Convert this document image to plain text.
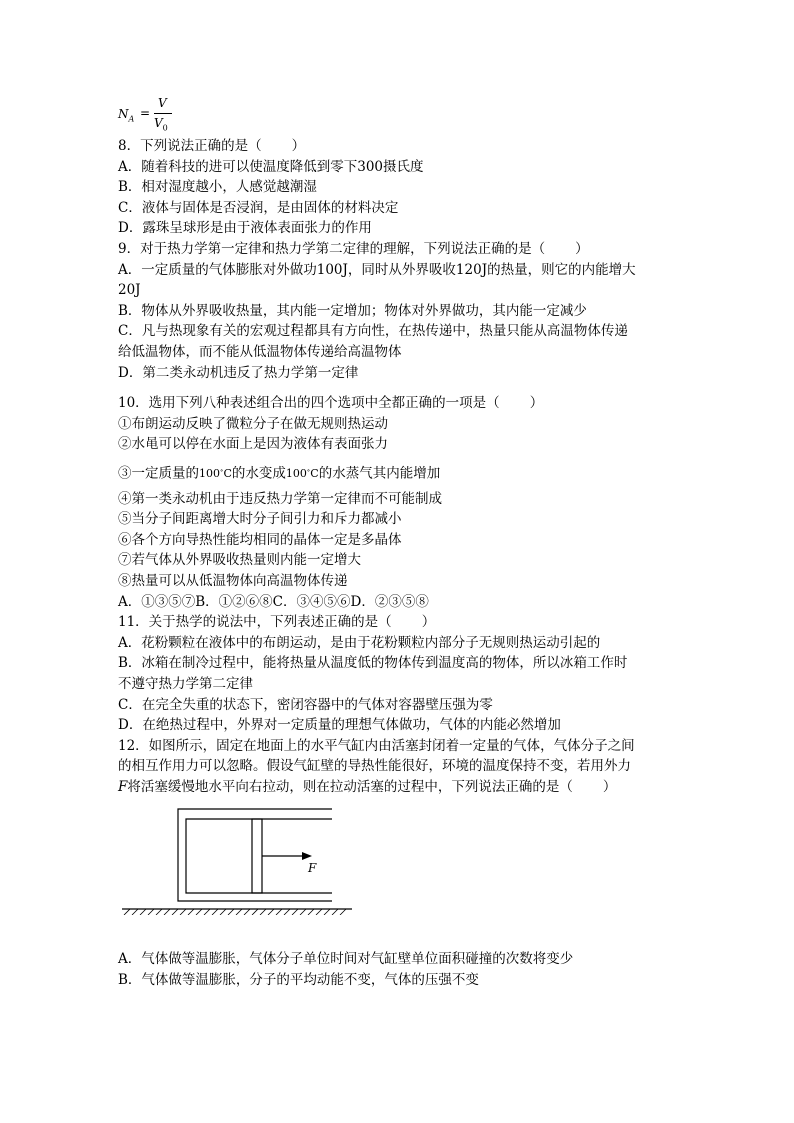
$N_A$ =
V
$V_0$
8．下列说法正确的是（ ）
A．随着科技的进可以使温度降低到零下300摄氏度
B．相对湿度越小，人感觉越潮湿
C．液体与固体是否浸润，是由固体的材料决定
D．露珠呈球形是由于液体表面张力的作用
9．对于热力学第一定律和热力学第二定律的理解，下列说法正确的是（ ）
A．一定质量的气体膨胀对外做功100J，同时从外界吸收120J的热量，则它的内能增大
20J
B．物体从外界吸收热量，其内能一定增加；物体对外界做功，其内能一定减少
C．凡与热现象有关的宏观过程都具有方向性，在热传递中，热量只能从高温物体传递
给低温物体，而不能从低温物体传递给高温物体
D．第二类永动机违反了热力学第一定律
10．选用下列八种表述组合出的四个选项中全都正确的一项是（ ）
①布朗运动反映了微粒分子在做无规则热运动
②水黾可以停在水面上是因为液体有表面张力
③一定质量的100∘C的水变成100∘C的水蒸气其内能增加
④第一类永动机由于违反热力学第一定律而不可能制成
⑤当分子间距离增大时分子间引力和斥力都减小
⑥各个方向导热性能均相同的晶体一定是多晶体
⑦若气体从外界吸收热量则内能一定增大
⑧热量可以从低温物体向高温物体传递
A．①③⑤⑦B．①②⑥⑧C．③④⑤⑥D．②③⑤⑧
11．关于热学的说法中，下列表述正确的是（ ）
A．花粉颗粒在液体中的布朗运动，是由于花粉颗粒内部分子无规则热运动引起的
B．冰箱在制冷过程中，能将热量从温度低的物体传到温度高的物体，所以冰箱工作时
不遵守热力学第二定律
C．在完全失重的状态下，密闭容器中的气体对容器壁压强为零
D．在绝热过程中，外界对一定质量的理想气体做功，气体的内能必然增加
12．如图所示，固定在地面上的水平气缸内由活塞封闭着一定量的气体，气体分子之间
的相互作用力可以忽略。假设气缸壁的导热性能很好，环境的温度保持不变，若用外力
F将活塞缓慢地水平向右拉动，则在拉动活塞的过程中，下列说法正确的是（ ）
F
A．气体做等温膨胀，气体分子单位时间对气缸壁单位面积碰撞的次数将变少
B．气体做等温膨胀，分子的平均动能不变，气体的压强不变
